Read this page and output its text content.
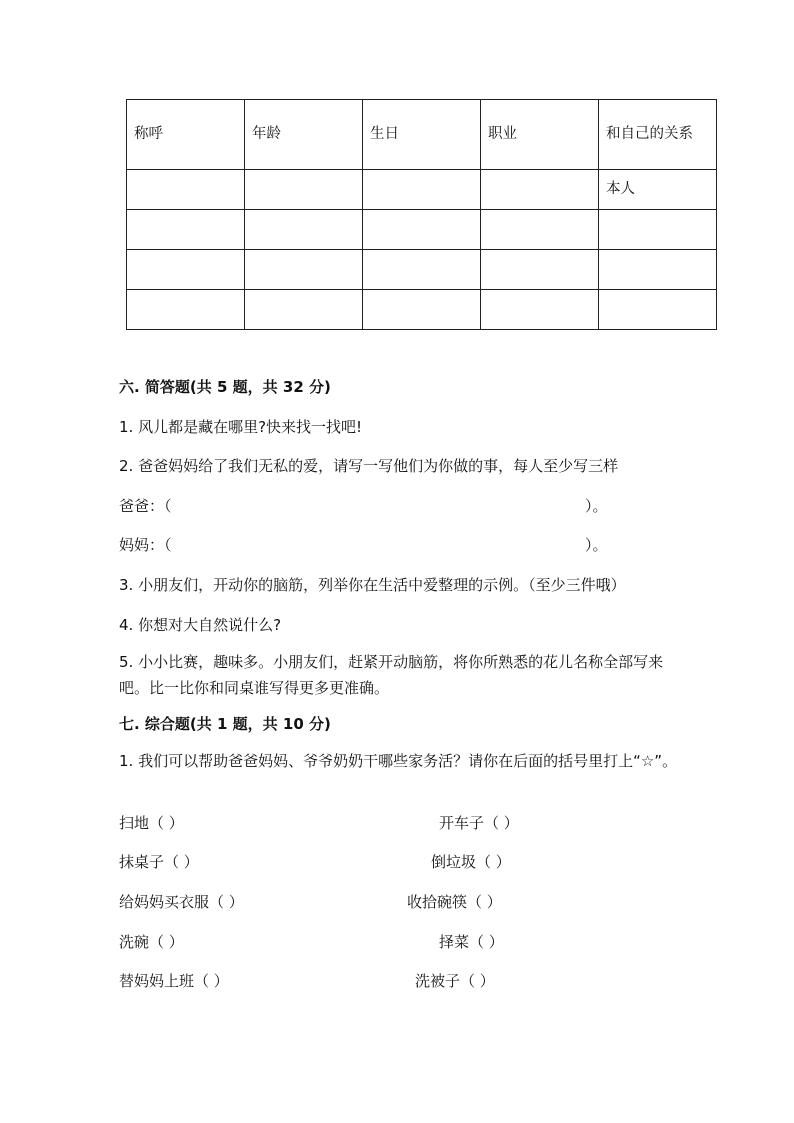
称呼	年龄	生日	职业	和自己的关系
				本人

六. 简答题(共 5 题，共 32 分)
1. 风儿都是藏在哪里?快来找一找吧!
2. 爸爸妈妈给了我们无私的爱，请写一写他们为你做的事，每人至少写三样
爸爸：（	）。
妈妈：（	）。
3. 小朋友们，开动你的脑筋，列举你在生活中爱整理的示例。（至少三件哦）
4. 你想对大自然说什么?
5. 小小比赛，趣味多。小朋友们，赶紧开动脑筋，将你所熟悉的花儿名称全部写来吧。比一比你和同桌谁写得更多更准确。
七. 综合题(共 1 题，共 10 分)
1. 我们可以帮助爸爸妈妈、爷爷奶奶干哪些家务活？请你在后面的括号里打上“☆”。
扫地（ ）	开车子（ ）
抹桌子（ ）	倒垃圾（ ）
给妈妈买衣服（ ）	收拾碗筷（ ）
洗碗（ ）	择菜（ ）
替妈妈上班（ ）	洗被子（ ）
